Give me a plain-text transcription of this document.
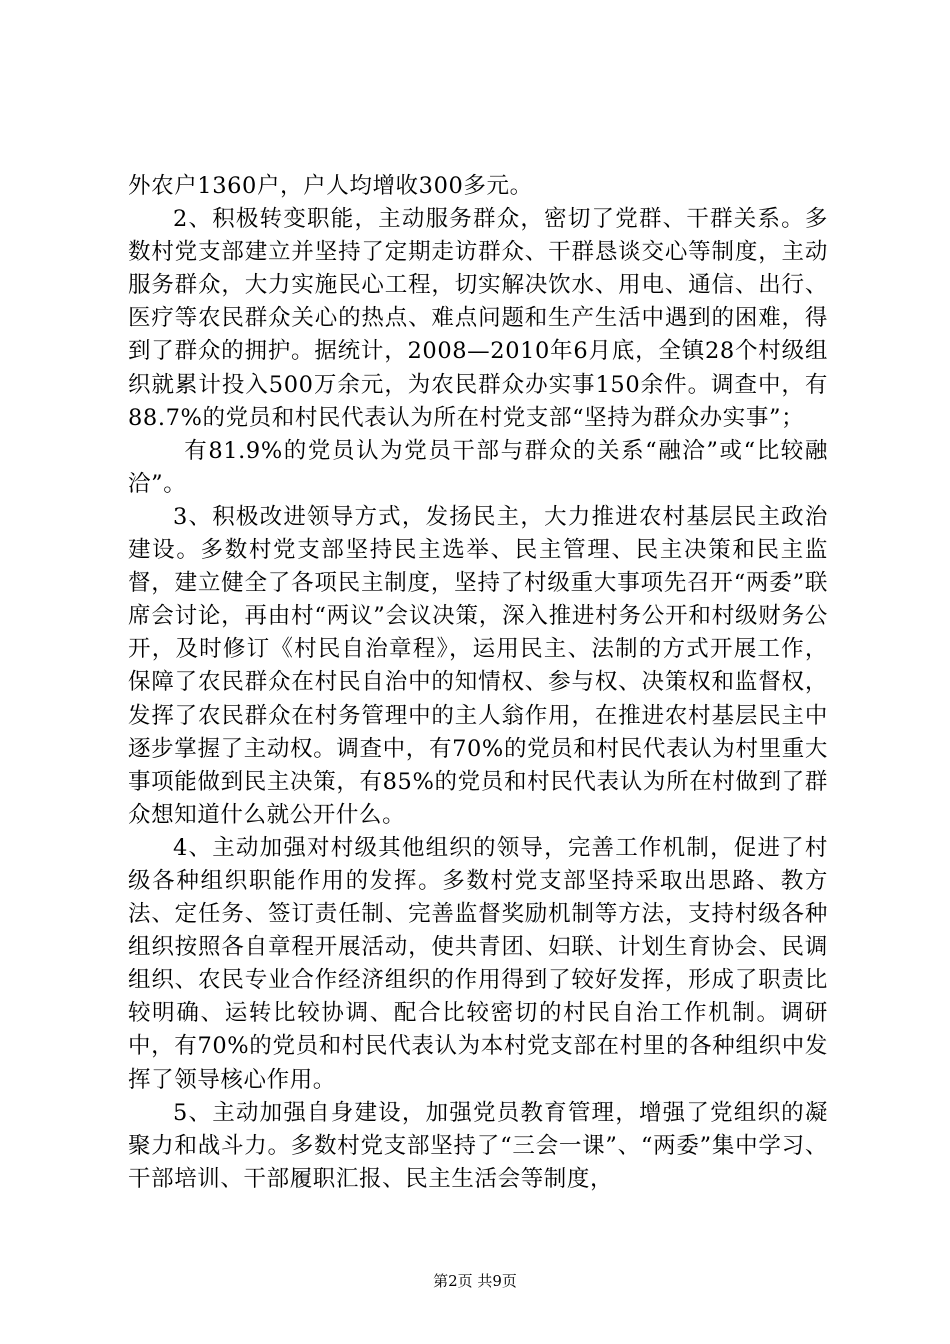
外农户1360户，户人均增收300多元。

2、积极转变职能，主动服务群众，密切了党群、干群关系。多数村党支部建立并坚持了定期走访群众、干群恳谈交心等制度，主动服务群众，大力实施民心工程，切实解决饮水、用电、通信、出行、医疗等农民群众关心的热点、难点问题和生产生活中遇到的困难，得到了群众的拥护。据统计，2008—2010年6月底，全镇28个村级组织就累计投入500万余元，为农民群众办实事150余件。调查中，有88.7%的党员和村民代表认为所在村党支部“坚持为群众办实事”；

有81.9%的党员认为党员干部与群众的关系“融洽”或“比较融洽”。

3、积极改进领导方式，发扬民主，大力推进农村基层民主政治建设。多数村党支部坚持民主选举、民主管理、民主决策和民主监督，建立健全了各项民主制度，坚持了村级重大事项先召开“两委”联席会讨论，再由村“两议”会议决策，深入推进村务公开和村级财务公开，及时修订《村民自治章程》，运用民主、法制的方式开展工作，保障了农民群众在村民自治中的知情权、参与权、决策权和监督权，发挥了农民群众在村务管理中的主人翁作用，在推进农村基层民主中逐步掌握了主动权。调查中，有70%的党员和村民代表认为村里重大事项能做到民主决策，有85%的党员和村民代表认为所在村做到了群众想知道什么就公开什么。

4、主动加强对村级其他组织的领导，完善工作机制，促进了村级各种组织职能作用的发挥。多数村党支部坚持采取出思路、教方法、定任务、签订责任制、完善监督奖励机制等方法，支持村级各种组织按照各自章程开展活动，使共青团、妇联、计划生育协会、民调组织、农民专业合作经济组织的作用得到了较好发挥，形成了职责比较明确、运转比较协调、配合比较密切的村民自治工作机制。调研中，有70%的党员和村民代表认为本村党支部在村里的各种组织中发挥了领导核心作用。

5、主动加强自身建设，加强党员教育管理，增强了党组织的凝聚力和战斗力。多数村党支部坚持了“三会一课”、“两委”集中学习、干部培训、干部履职汇报、民主生活会等制度，

第2页 共9页
